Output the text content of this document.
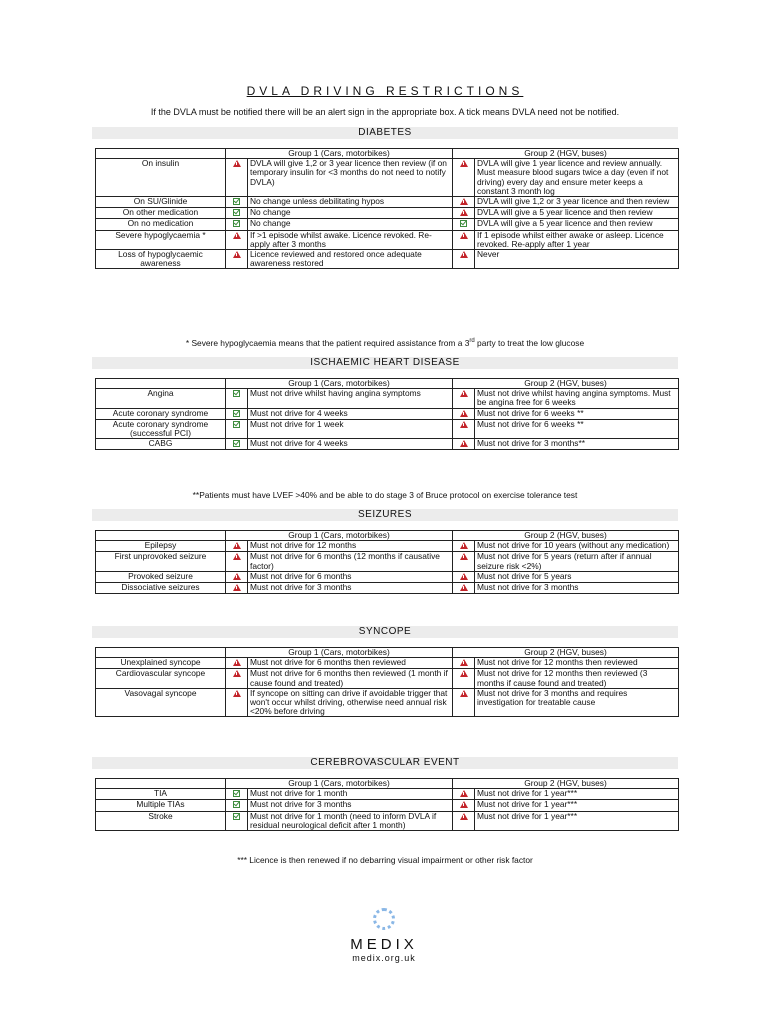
DVLA DRIVING RESTRICTIONS
If the DVLA must be notified there will be an alert sign in the appropriate box. A tick means DVLA need not be notified.
DIABETES
	Group 1 (Cars, motorbikes)		Group 2 (HGV, buses)	
On insulin		DVLA will give 1,2 or 3 year licence then review (if on temporary insulin for <3 months do not need to notify DVLA)		DVLA will give 1 year licence and review annually. Must measure blood sugars twice a day (even if not driving) every day and ensure meter keeps a constant 3 month log
On SU/Glinide		No change unless debilitating hypos		DVLA will give 1,2 or 3 year licence and then review
On other medication		No change		DVLA will give a 5 year licence and then review
On no medication		No change		DVLA will give a 5 year licence and then review
Severe hypoglycaemia *		If >1 episode whilst awake. Licence revoked. Re-apply after 3 months		If 1 episode whilst either awake or asleep. Licence revoked. Re-apply after 1 year
Loss of hypoglycaemic awareness		Licence reviewed and restored once adequate awareness restored		Never
* Severe hypoglycaemia means that the patient required assistance from a 3rd party to treat the low glucose
ISCHAEMIC HEART DISEASE
	Group 1 (Cars, motorbikes)		Group 2 (HGV, buses)	
Angina		Must not drive whilst having angina symptoms		Must not drive whilst having angina symptoms. Must be angina free for 6 weeks
Acute coronary syndrome		Must not drive for 4 weeks		Must not drive for 6 weeks **
Acute coronary syndrome (successful PCI)		Must not drive for 1 week		Must not drive for 6 weeks **
CABG		Must not drive for 4 weeks		Must not drive for 3 months**
**Patients must have LVEF >40% and be able to do stage 3 of Bruce protocol on exercise tolerance test
SEIZURES
	Group 1 (Cars, motorbikes)		Group 2 (HGV, buses)	
Epilepsy		Must not drive for 12 months		Must not drive for 10 years (without any medication)
First unprovoked seizure		Must not drive for 6 months (12 months if causative factor)		Must not drive for 5 years (return after if annual seizure risk <2%)
Provoked seizure		Must not drive for 6 months		Must not drive for 5 years
Dissociative seizures		Must not drive for 3 months		Must not drive for 3 months
SYNCOPE
	Group 1 (Cars, motorbikes)		Group 2 (HGV, buses)	
Unexplained syncope		Must not drive for 6 months then reviewed		Must not drive for 12 months then reviewed
Cardiovascular syncope		Must not drive for 6 months then reviewed (1 month if cause found and treated)		Must not drive for 12 months then reviewed (3 months if cause found and treated)
Vasovagal syncope		If syncope on sitting can drive if avoidable trigger that won't occur whilst driving, otherwise need annual risk <20% before driving		Must not drive for 3 months and requires investigation for treatable cause
CEREBROVASCULAR EVENT
	Group 1 (Cars, motorbikes)		Group 2 (HGV, buses)	
TIA		Must not drive for 1 month		Must not drive for 1 year***
Multiple TIAs		Must not drive for 3 months		Must not drive for 1 year***
Stroke		Must not drive for 1 month (need to inform DVLA if residual neurological deficit after 1 month)		Must not drive for 1 year***
*** Licence is then renewed if no debarring visual impairment or other risk factor
MEDIX
medix.org.uk
